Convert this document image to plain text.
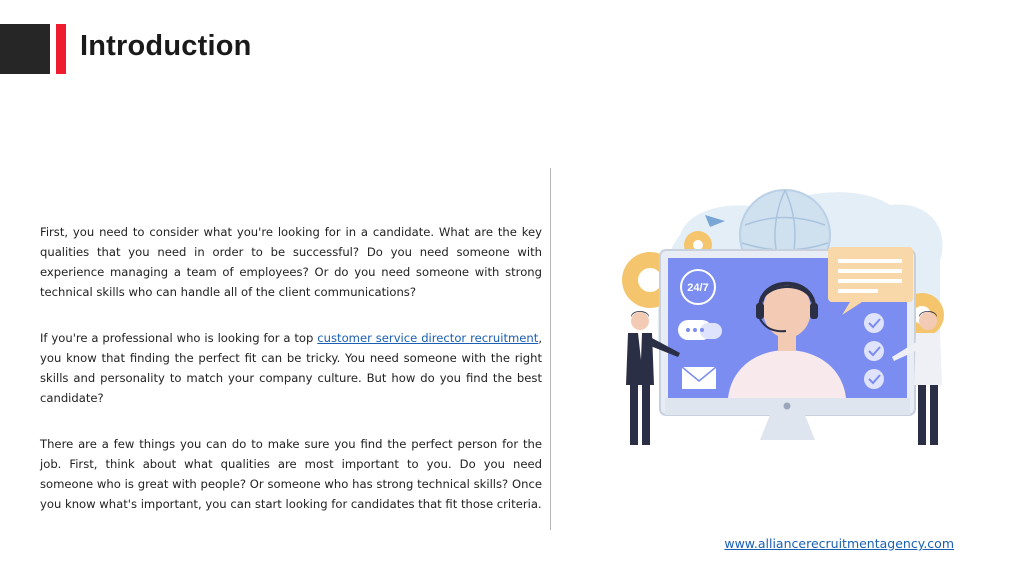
Introduction

First, you need to consider what you're looking for in a candidate. What are the key qualities that you need in order to be successful? Do you need someone with experience managing a team of employees? Or do you need someone with strong technical skills who can handle all of the client communications?

If you're a professional who is looking for a top customer service director recruitment, you know that finding the perfect fit can be tricky. You need someone with the right skills and personality to match your company culture. But how do you find the best candidate?

There are a few things you can do to make sure you find the perfect person for the job. First, think about what qualities are most important to you. Do you need someone who is great with people? Or someone who has strong technical skills? Once you know what's important, you can start looking for candidates that fit those criteria.

24/7
www.alliancerecruitmentagency.com
